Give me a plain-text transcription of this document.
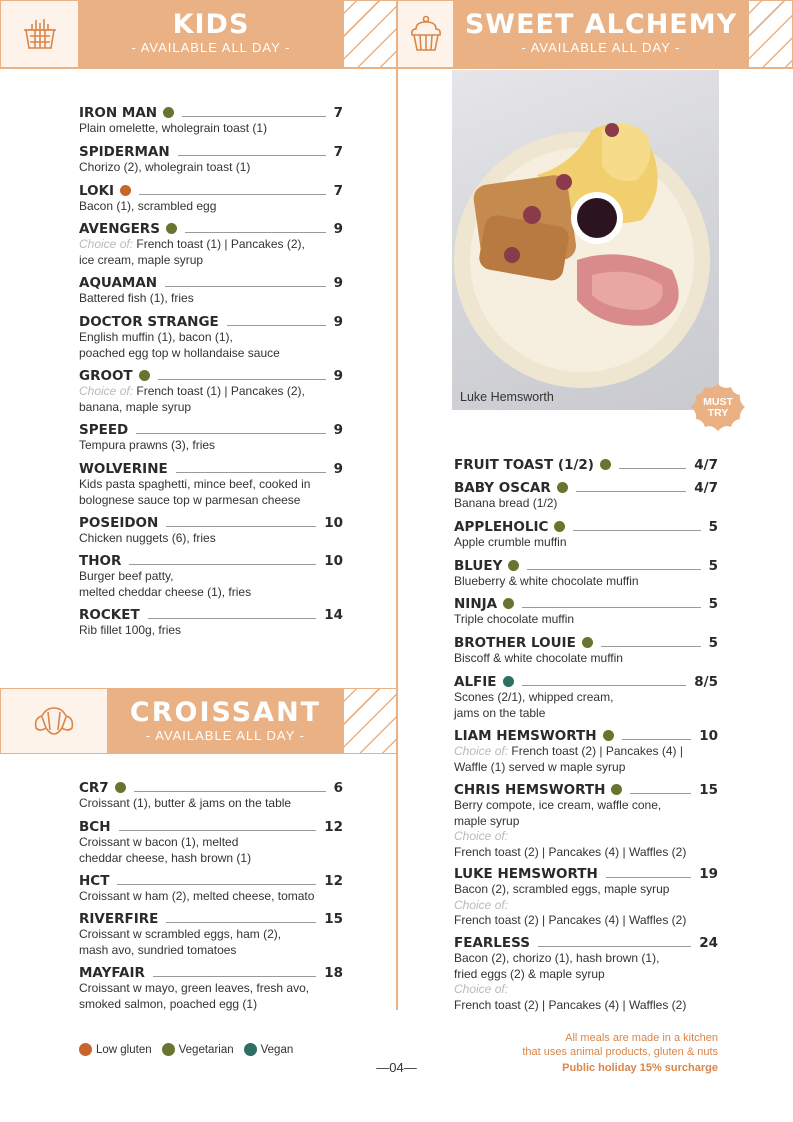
KIDS
- AVAILABLE ALL DAY -
SWEET ALCHEMY
- AVAILABLE ALL DAY -
IRON MAN	7
Plain omelette, wholegrain toast (1)
SPIDERMAN	7
Chorizo (2), wholegrain toast (1)
LOKI	7
Bacon (1), scrambled egg
AVENGERS	9
Choice of: French toast (1) | Pancakes (2),
ice cream, maple syrup
AQUAMAN	9
Battered fish (1), fries
DOCTOR STRANGE	9
English muffin (1), bacon (1),
poached egg top w hollandaise sauce
GROOT	9
Choice of: French toast (1) | Pancakes (2),
banana, maple syrup
SPEED	9
Tempura prawns (3), fries
WOLVERINE	9
Kids pasta spaghetti, mince beef, cooked in
bolognese sauce top w parmesan cheese
POSEIDON	10
Chicken nuggets (6), fries
THOR	10
Burger beef patty,
melted cheddar cheese (1), fries
ROCKET	14
Rib fillet 100g, fries
CROISSANT
- AVAILABLE ALL DAY -
CR7	6
Croissant (1), butter & jams on the table
BCH	12
Croissant w bacon (1), melted
cheddar cheese, hash brown (1)
HCT	12
Croissant w ham (2), melted cheese, tomato
RIVERFIRE	15
Croissant w scrambled eggs, ham (2),
mash avo, sundried tomatoes
MAYFAIR	18
Croissant w mayo, green leaves, fresh avo,
smoked salmon, poached egg (1)
Luke Hemsworth	MUST TRY
FRUIT TOAST (1/2)	4/7
BABY OSCAR	4/7
Banana bread (1/2)
APPLEHOLIC	5
Apple crumble muffin
BLUEY	5
Blueberry & white chocolate muffin
NINJA	5
Triple chocolate muffin
BROTHER LOUIE	5
Biscoff & white chocolate muffin
ALFIE	8/5
Scones (2/1), whipped cream,
jams on the table
LIAM HEMSWORTH	10
Choice of: French toast (2) | Pancakes (4) |
Waffle (1) served w maple syrup
CHRIS HEMSWORTH	15
Berry compote, ice cream, waffle cone,
maple syrup
Choice of:
French toast (2) | Pancakes (4) | Waffles (2)
LUKE HEMSWORTH	19
Bacon (2), scrambled eggs, maple syrup
Choice of:
French toast (2) | Pancakes (4) | Waffles (2)
FEARLESS	24
Bacon (2), chorizo (1), hash brown (1),
fried eggs (2) & maple syrup
Choice of:
French toast (2) | Pancakes (4) | Waffles (2)
Low gluten Vegetarian Vegan
All meals are made in a kitchen
that uses animal products, gluten & nuts
—04—	Public holiday 15% surcharge
